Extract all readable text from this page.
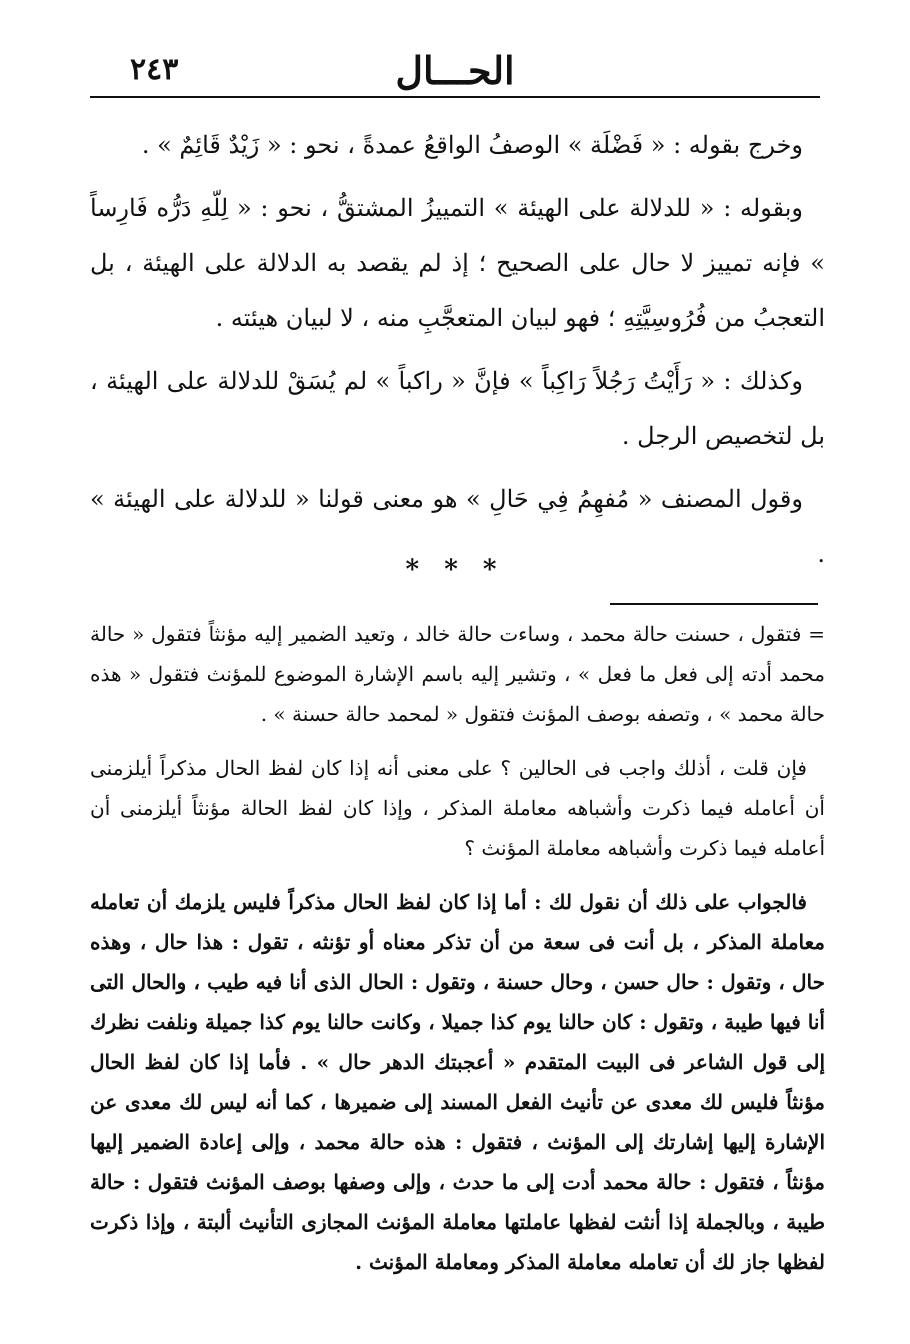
الحـــال
٢٤٣

وخرج بقوله : « فَضْلَة » الوصفُ الواقعُ عمدةً ، نحو : « زَيْدٌ قَائِمٌ » .

وبقوله : « للدلالة على الهيئة » التمييزُ المشتقُّ ، نحو : « لِلّهِ دَرُّه فَارِساً » فإنه تمييز لا حال على الصحيح ؛ إذ لم يقصد به الدلالة على الهيئة ، بل التعجبُ من فُرُوسِيَّتِهِ ؛ فهو لبيان المتعجَّبِ منه ، لا لبيان هيئته .

وكذلك : « رَأَيْتُ رَجُلاً رَاكِباً » فإنَّ « راكباً » لم يُسَقْ للدلالة على الهيئة ، بل لتخصيص الرجل .

وقول المصنف « مُفهِمُ فِي حَالِ » هو معنى قولنا « للدلالة على الهيئة » .

* * *

= فتقول ، حسنت حالة محمد ، وساءت حالة خالد ، وتعيد الضمير إليه مؤنثاً فتقول « حالة محمد أدته إلى فعل ما فعل » ، وتشير إليه باسم الإشارة الموضوع للمؤنث فتقول « هذه حالة محمد » ، وتصفه بوصف المؤنث فتقول « لمحمد حالة حسنة » .

فإن قلت ، أذلك واجب فى الحالين ؟ على معنى أنه إذا كان لفظ الحال مذكراً أيلزمنى أن أعامله فيما ذكرت وأشباهه معاملة المذكر ، وإذا كان لفظ الحالة مؤنثاً أيلزمنى أن أعامله فيما ذكرت وأشباهه معاملة المؤنث ؟

فالجواب على ذلك أن نقول لك : أما إذا كان لفظ الحال مذكراً فليس يلزمك أن تعامله معاملة المذكر ، بل أنت فى سعة من أن تذكر معناه أو تؤنثه ، تقول : هذا حال ، وهذه حال ، وتقول : حال حسن ، وحال حسنة ، وتقول : الحال الذى أنا فيه طيب ، والحال التى أنا فيها طيبة ، وتقول : كان حالنا يوم كذا جميلا ، وكانت حالنا يوم كذا جميلة ونلفت نظرك إلى قول الشاعر فى البيت المتقدم « أعجبتك الدهر حال » . فأما إذا كان لفظ الحال مؤنثاً فليس لك معدى عن تأنيث الفعل المسند إلى ضميرها ، كما أنه ليس لك معدى عن الإشارة إليها إشارتك إلى المؤنث ، فتقول : هذه حالة محمد ، وإلى إعادة الضمير إليها مؤنثاً ، فتقول : حالة محمد أدت إلى ما حدث ، وإلى وصفها بوصف المؤنث فتقول : حالة طيبة ، وبالجملة إذا أنثت لفظها عاملتها معاملة المؤنث المجازى التأنيث ألبتة ، وإذا ذكرت لفظها جاز لك أن تعامله معاملة المذكر ومعاملة المؤنث .
